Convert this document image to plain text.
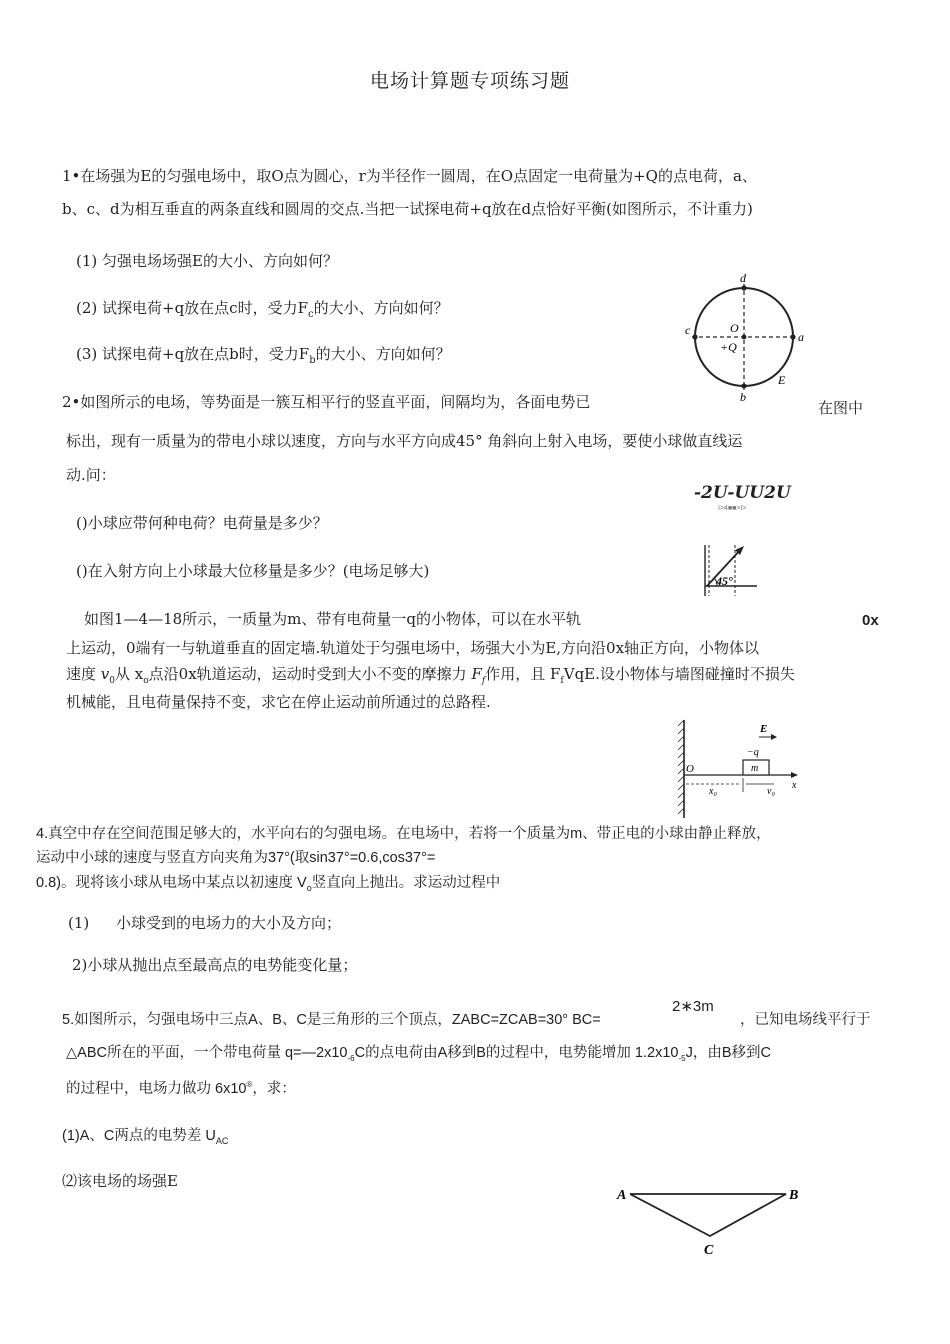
电场计算题专项练习题
1•在场强为E的匀强电场中，取O点为圆心，r为半径作一圆周，在O点固定一电荷量为+Q的点电荷，a、
b、c、d为相互垂直的两条直线和圆周的交点.当把一试探电荷+q放在d点恰好平衡(如图所示，不计重力)
(1) 匀强电场场强E的大小、方向如何？
(2) 试探电荷+q放在点c时，受力$F_c$的大小、方向如何？
(3) 试探电荷+q放在点b时，受力$F_b$的大小、方向如何？
d
c	a
b
O
+Q
E
2•如图所示的电场，等势面是一簇互相平行的竖直平面，间隔均为，各面电势已	在图中
标出，现有一质量为的带电小球以速度，方向与水平方向成45° 角斜向上射入电场，要使小球做直线运
动.问：
-2U-UU2U
I>4■■>I>
()小球应带何种电荷？电荷量是多少？
()在入射方向上小球最大位移量是多少？(电场足够大)
45°
如图1—4—18所示，一质量为m、带有电荷量一q的小物体，可以在水平轨	0x
上运动，0端有一与轨道垂直的固定墙.轨道处于匀强电场中，场强大小为E,方向沿0x轴正方向，小物体以
速度 $v_0$从 $x_o$点沿0x轨道运动，运动时受到大小不变的摩擦力 $F_f$作用，且 $F_fVqE$.设小物体与墙图碰撞时不损失
机械能，且电荷量保持不变，求它在停止运动前所通过的总路程.
E
−q
m
O
x₀	v₀
x
4.真空中存在空间范围足够大的，水平向右的匀强电场。在电场中，若将一个质量为m、带正电的小球由静止释放，
运动中小球的速度与竖直方向夹角为37°(取sin37°=0.6,cos37°=
0.8)。现将该小球从电场中某点以初速度 $V_o$竖直向上抛出。求运动过程中
(1) 小球受到的电场力的大小及方向；
2)小球从抛出点至最高点的电势能变化量；
5.如图所示，匀强电场中三点A、B、C是三角形的三个顶点，ZABC=ZCAB=30° BC=
2∗3m
，已知电场线平行于
△ABC所在的平面，一个带电荷量 $q=—2x10_{-6}C$的点电荷由A移到B的过程中，电势能增加 $1.2x10_{-5}J$，由B移到C
的过程中，电场力做功 6x10®，求：
(1)A、C两点的电势差 $U_{AC}$
⑵该电场的场强E
A	B
C
